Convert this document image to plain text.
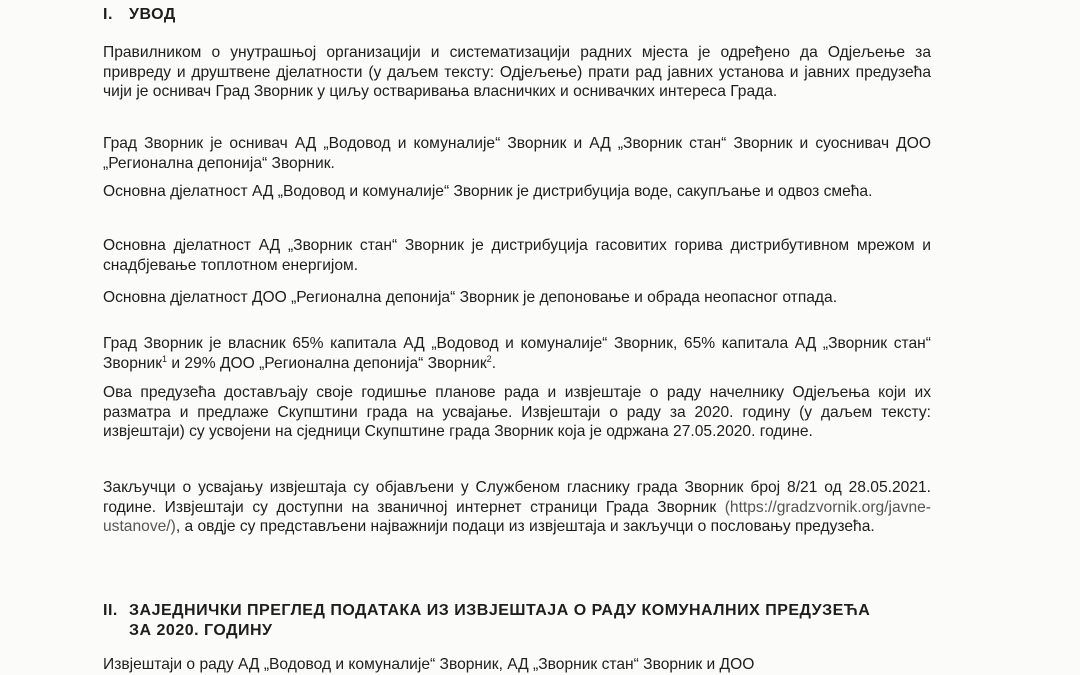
I. УВОД

Правилником о унутрашњој организацији и систематизацији радних мјеста је одређено да Одјељење за привреду и друштвене дјелатности (у даљем тексту: Одјељење) прати рад јавних установа и јавних предузећа чији је оснивач Град Зворник у циљу остваривања власничких и оснивачких интереса Града.

Град Зворник је оснивач АД „Водовод и комуналије“ Зворник и АД „Зворник стан“ Зворник и суоснивач ДОО „Регионална депонија“ Зворник.

Основна дјелатност АД „Водовод и комуналије“ Зворник је дистрибуција воде, сакупљање и одвоз смећа.

Основна дјелатност АД „Зворник стан“ Зворник је дистрибуција гасовитих горива дистрибутивном мрежом и снадбјевање топлотном енергијом.

Основна дјелатност ДОО „Регионална депонија“ Зворник је депоновање и обрада неопасног отпада.

Град Зворник је власник 65% капитала АД „Водовод и комуналије“ Зворник, 65% капитала АД „Зворник стан“ Зворник$^1$ и 29% ДОО „Регионална депонија“ Зворник$^2$.

Ова предузећа достављају своје годишње планове рада и извјештаје о раду начелнику Одјељења који их разматра и предлаже Скупштини града на усвајање. Извјештаји о раду за 2020. годину (у даљем тексту: извјештаји) су усвојени на сједници Скупштине града Зворник која је одржана 27.05.2020. године.

Закључци о усвајању извјештаја су објављени у Службеном гласнику града Зворник број 8/21 од 28.05.2021. године. Извјештаји су доступни на званичној интернет страници Града Зворник (https://gradzvornik.org/javne-ustanove/), а овдје су представљени најважнији подаци из извјештаја и закључци о пословању предузећа.

II. ЗАЈЕДНИЧКИ ПРЕГЛЕД ПОДАТАКА ИЗ ИЗВЈЕШТАЈА О РАДУ КОМУНАЛНИХ ПРЕДУЗЕЋА
ЗА 2020. ГОДИНУ

Извјештаји о раду АД „Водовод и комуналије“ Зворник, АД „Зворник стан“ Зворник и ДОО
